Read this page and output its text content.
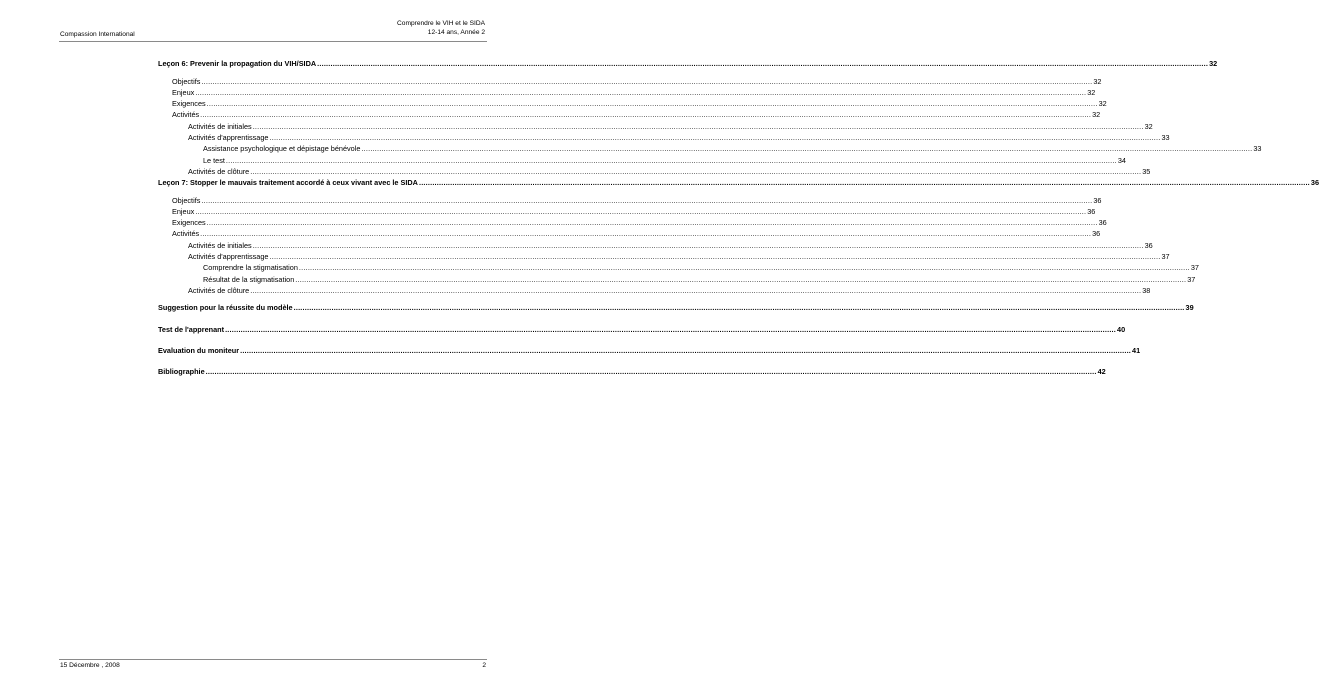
Compassion International
Comprendre le VIH et le SIDA
12-14 ans, Année 2
Leçon 6: Prevenir la propagation du VIH/SIDA ................................................................................................................................................................................................................................................................................................................................................................................................................ 32
Objectifs ................................................................................................................................................................................................................................................................................................................................................................................................................ 32
Enjeux ................................................................................................................................................................................................................................................................................................................................................................................................................ 32
Exigences ................................................................................................................................................................................................................................................................................................................................................................................................................ 32
Activités ................................................................................................................................................................................................................................................................................................................................................................................................................ 32
Activités de initiales ................................................................................................................................................................................................................................................................................................................................................................................................................ 32
Activités d'apprentissage ................................................................................................................................................................................................................................................................................................................................................................................................................ 33
Assistance psychologique et dépistage bénévole ................................................................................................................................................................................................................................................................................................................................................................................................................ 33
Le test ................................................................................................................................................................................................................................................................................................................................................................................................................ 34
Activités de clôture ................................................................................................................................................................................................................................................................................................................................................................................................................ 35
Leçon 7: Stopper le mauvais traitement accordé à ceux vivant avec le SIDA ................................................................................................................................................................................................................................................................................................................................................................................................................ 36
Objectifs ................................................................................................................................................................................................................................................................................................................................................................................................................ 36
Enjeux ................................................................................................................................................................................................................................................................................................................................................................................................................ 36
Exigences ................................................................................................................................................................................................................................................................................................................................................................................................................ 36
Activités ................................................................................................................................................................................................................................................................................................................................................................................................................ 36
Activités de initiales ................................................................................................................................................................................................................................................................................................................................................................................................................ 36
Activités d'apprentissage ................................................................................................................................................................................................................................................................................................................................................................................................................ 37
Comprendre la stigmatisation ................................................................................................................................................................................................................................................................................................................................................................................................................ 37
Résultat de la stigmatisation ................................................................................................................................................................................................................................................................................................................................................................................................................ 37
Activités de clôture ................................................................................................................................................................................................................................................................................................................................................................................................................ 38
Suggestion pour la réussite du modèle ................................................................................................................................................................................................................................................................................................................................................................................................................ 39
Test de l'apprenant ................................................................................................................................................................................................................................................................................................................................................................................................................ 40
Evaluation du moniteur ................................................................................................................................................................................................................................................................................................................................................................................................................ 41
Bibliographie ................................................................................................................................................................................................................................................................................................................................................................................................................ 42
15 Décembre , 2008	2
